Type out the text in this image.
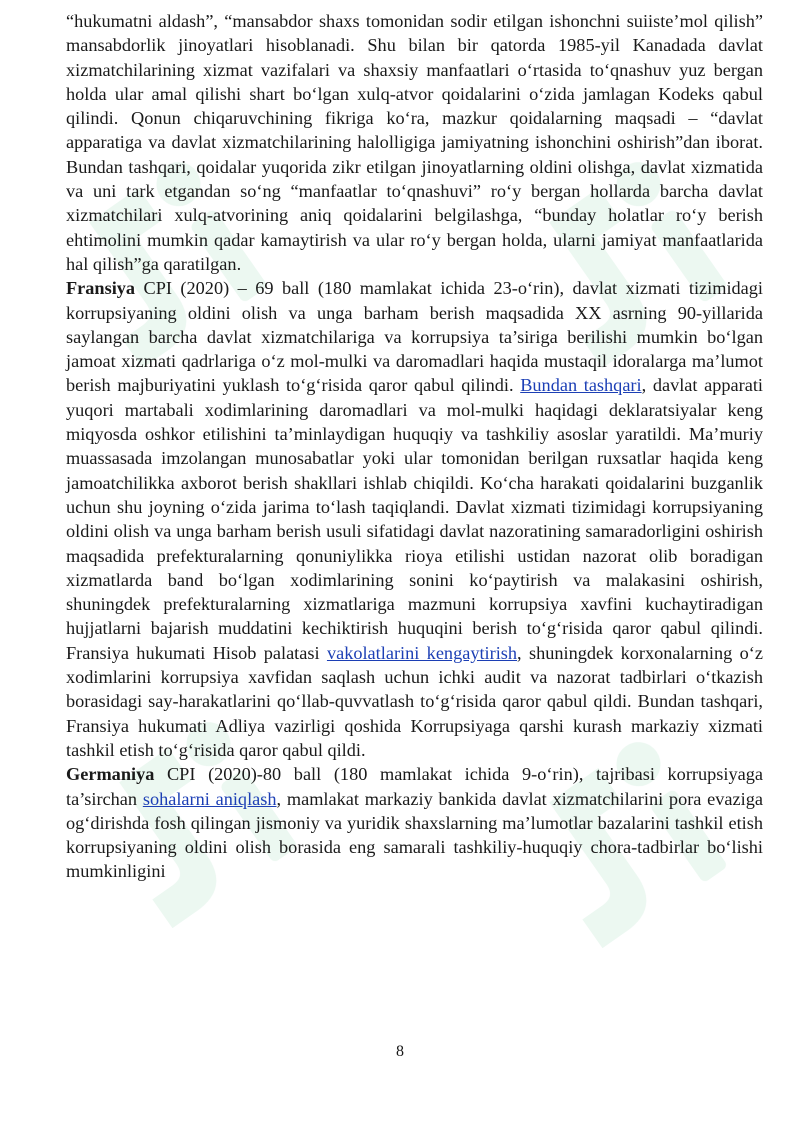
“hukumatni aldash”, “mansabdor shaxs tomonidan sodir etilgan ishonchni suiiste’mol qilish” mansabdorlik jinoyatlari hisoblanadi. Shu bilan bir qatorda 1985-yil Kanadada davlat xizmatchilarining xizmat vazifalari va shaxsiy manfaatlari o‘rtasida to‘qnashuv yuz bergan holda ular amal qilishi shart bo‘lgan xulq-atvor qoidalarini o‘zida jamlagan Kodeks qabul qilindi. Qonun chiqaruvchining fikriga ko‘ra, mazkur qoidalarning maqsadi – “davlat apparatiga va davlat xizmatchilarining halolligiga jamiyatning ishonchini oshirish”dan iborat. Bundan tashqari, qoidalar yuqorida zikr etilgan jinoyatlarning oldini olishga, davlat xizmatida va uni tark etgandan so‘ng “manfaatlar to‘qnashuvi” ro‘y bergan hollarda barcha davlat xizmatchilari xulq-atvorining aniq qoidalarini belgilashga, “bunday holatlar ro‘y berish ehtimolini mumkin qadar kamaytirish va ular ro‘y bergan holda, ularni jamiyat manfaatlarida hal qilish”ga qaratilgan.

Fransiya CPI (2020) – 69 ball (180 mamlakat ichida 23-o‘rin), davlat xizmati tizimidagi korrupsiyaning oldini olish va unga barham berish maqsadida XX asrning 90-yillarida saylangan barcha davlat xizmatchilariga va korrupsiya ta’siriga berilishi mumkin bo‘lgan jamoat xizmati qadrlariga o‘z mol-mulki va daromadlari haqida mustaqil idoralarga ma’lumot berish majburiyatini yuklash to‘g‘risida qaror qabul qilindi. Bundan tashqari, davlat apparati yuqori martabali xodimlarining daromadlari va mol-mulki haqidagi deklaratsiyalar keng miqyosda oshkor etilishini ta’minlaydigan huquqiy va tashkiliy asoslar yaratildi. Ma’muriy muassasada imzolangan munosabatlar yoki ular tomonidan berilgan ruxsatlar haqida keng jamoatchilikka axborot berish shakllari ishlab chiqildi. Ko‘cha harakati qoidalarini buzganlik uchun shu joyning o‘zida jarima to‘lash taqiqlandi. Davlat xizmati tizimidagi korrupsiyaning oldini olish va unga barham berish usuli sifatidagi davlat nazoratining samaradorligini oshirish maqsadida prefekturalarning qonuniylikka rioya etilishi ustidan nazorat olib boradigan xizmatlarda band bo‘lgan xodimlarining sonini ko‘paytirish va malakasini oshirish, shuningdek prefekturalarning xizmatlariga mazmuni korrupsiya xavfini kuchaytiradigan hujjatlarni bajarish muddatini kechiktirish huquqini berish to‘g‘risida qaror qabul qilindi. Fransiya hukumati Hisob palatasi vakolatlarini kengaytirish, shuningdek korxonalarning o‘z xodimlarini korrupsiya xavfidan saqlash uchun ichki audit va nazorat tadbirlari o‘tkazish borasidagi say-harakatlarini qo‘llab-quvvatlash to‘g‘risida qaror qabul qildi. Bundan tashqari, Fransiya hukumati Adliya vazirligi qoshida Korrupsiyaga qarshi kurash markaziy xizmati tashkil etish to‘g‘risida qaror qabul qildi.

Germaniya CPI (2020)-80 ball (180 mamlakat ichida 9-o‘rin), tajribasi korrupsiyaga ta’sirchan sohalarni aniqlash, mamlakat markaziy bankida davlat xizmatchilarini pora evaziga og‘dirishda fosh qilingan jismoniy va yuridik shaxslarning ma’lumotlar bazalarini tashkil etish korrupsiyaning oldini olish borasida eng samarali tashkiliy-huquqiy chora-tadbirlar bo‘lishi mumkinligini

8
